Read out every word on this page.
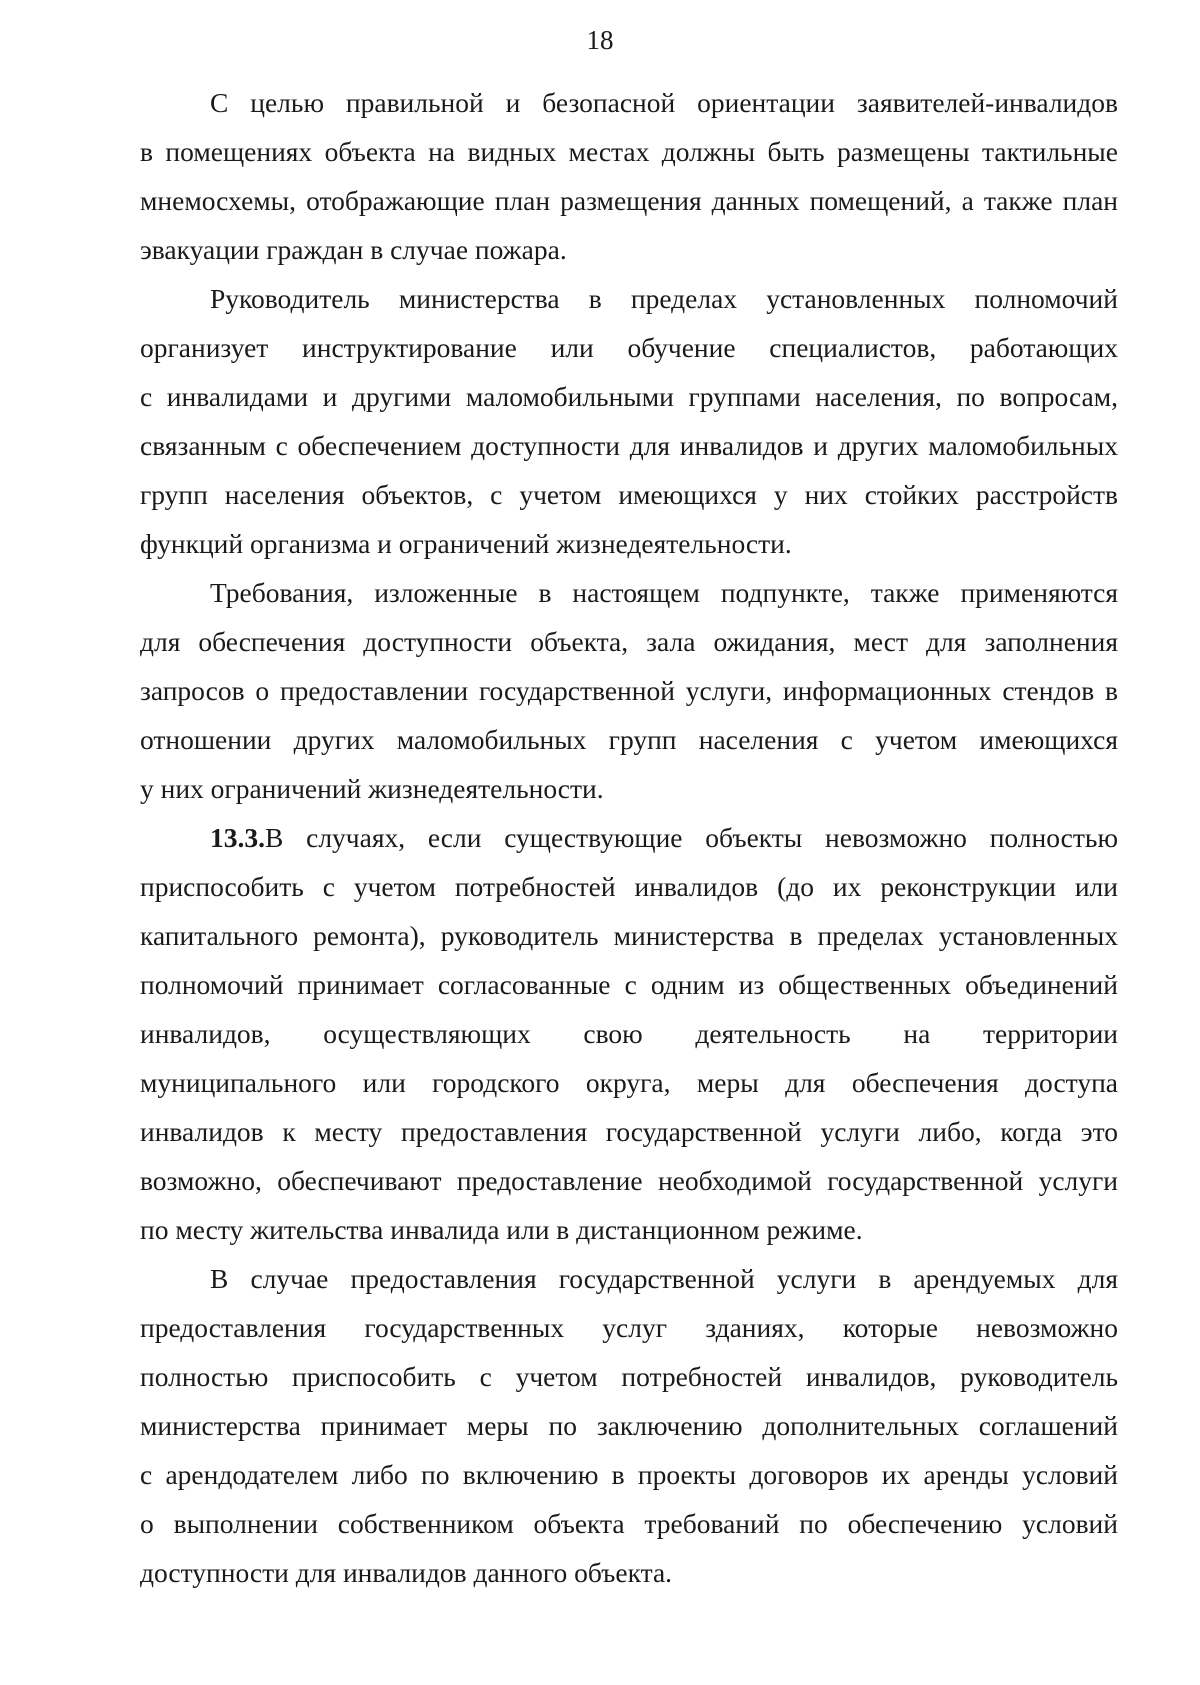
18

С целью правильной и безопасной ориентации заявителей-инвалидов
в помещениях объекта на видных местах должны быть размещены тактильные
мнемосхемы, отображающие план размещения данных помещений, а также план
эвакуации граждан в случае пожара.

Руководитель министерства в пределах установленных полномочий
организует инструктирование или обучение специалистов, работающих
с инвалидами и другими маломобильными группами населения, по вопросам,
связанным с обеспечением доступности для инвалидов и других маломобильных
групп населения объектов, с учетом имеющихся у них стойких расстройств
функций организма и ограничений жизнедеятельности.

Требования, изложенные в настоящем подпункте, также применяются
для обеспечения доступности объекта, зала ожидания, мест для заполнения
запросов о предоставлении государственной услуги, информационных стендов в
отношении других маломобильных групп населения с учетом имеющихся
у них ограничений жизнедеятельности.

13.3. В случаях, если существующие объекты невозможно полностью
приспособить с учетом потребностей инвалидов (до их реконструкции или
капитального ремонта), руководитель министерства в пределах установленных
полномочий принимает согласованные с одним из общественных объединений
инвалидов, осуществляющих свою деятельность на территории
муниципального или городского округа, меры для обеспечения доступа
инвалидов к месту предоставления государственной услуги либо, когда это
возможно, обеспечивают предоставление необходимой государственной услуги
по месту жительства инвалида или в дистанционном режиме.

В случае предоставления государственной услуги в арендуемых для
предоставления государственных услуг зданиях, которые невозможно
полностью приспособить с учетом потребностей инвалидов, руководитель
министерства принимает меры по заключению дополнительных соглашений
с арендодателем либо по включению в проекты договоров их аренды условий
о выполнении собственником объекта требований по обеспечению условий
доступности для инвалидов данного объекта.
